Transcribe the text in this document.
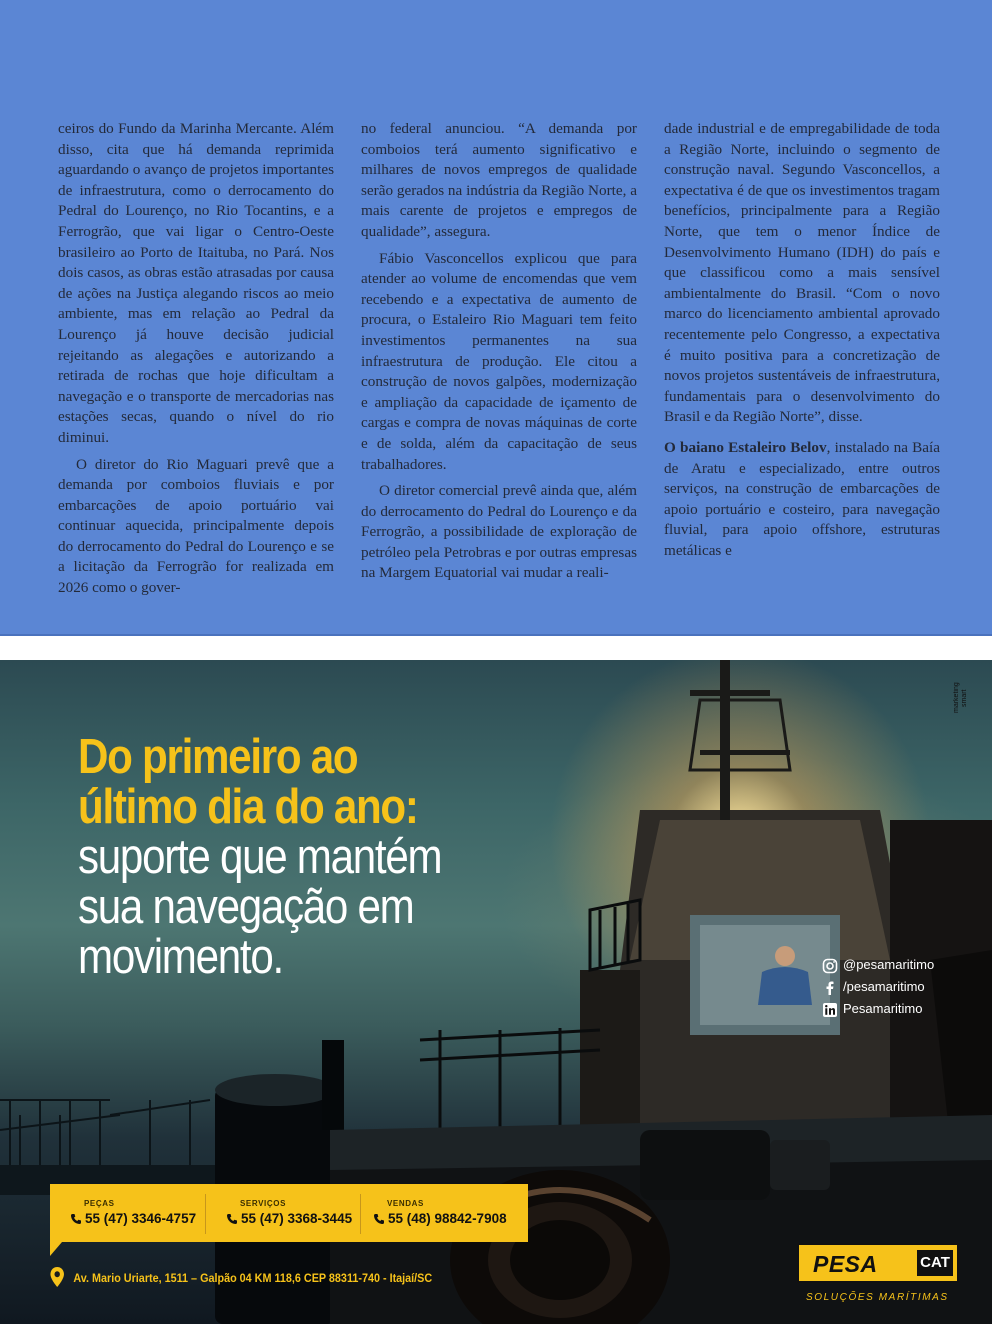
ceiros do Fundo da Marinha Mercante. Além disso, cita que há demanda reprimida aguardando o avanço de projetos importantes de infraestrutura, como o derrocamento do Pedral do Lourenço, no Rio Tocantins, e a Ferrogrão, que vai ligar o Centro-Oeste brasileiro ao Porto de Itaituba, no Pará. Nos dois casos, as obras estão atrasadas por causa de ações na Justiça alegando riscos ao meio ambiente, mas em relação ao Pedral da Lourenço já houve decisão judicial rejeitando as alegações e autorizando a retirada de rochas que hoje dificultam a navegação e o transporte de mercadorias nas estações secas, quando o nível do rio diminui.

O diretor do Rio Maguari prevê que a demanda por comboios fluviais e por embarcações de apoio portuário vai continuar aquecida, principalmente depois do derrocamento do Pedral do Lourenço e se a licitação da Ferrogrão for realizada em 2026 como o gover-

no federal anunciou. “A demanda por comboios terá aumento significativo e milhares de novos empregos de qualidade serão gerados na indústria da Região Norte, a mais carente de projetos e empregos de qualidade”, assegura.

Fábio Vasconcellos explicou que para atender ao volume de encomendas que vem recebendo e a expectativa de aumento de procura, o Estaleiro Rio Maguari tem feito investimentos permanentes na sua infraestrutura de produção. Ele citou a construção de novos galpões, modernização e ampliação da capacidade de içamento de cargas e compra de novas máquinas de corte e de solda, além da capacitação de seus trabalhadores.

O diretor comercial prevê ainda que, além do derrocamento do Pedral do Lourenço e da Ferrogrão, a possibilidade de exploração de petróleo pela Petrobras e por outras empresas na Margem Equatorial vai mudar a reali-

dade industrial e de empregabilidade de toda a Região Norte, incluindo o segmento de construção naval. Segundo Vasconcellos, a expectativa é de que os investimentos tragam benefícios, principalmente para a Região Norte, que tem o menor Índice de Desenvolvimento Humano (IDH) do país e que classificou como a mais sensível ambientalmente do Brasil. “Com o novo marco do licenciamento ambiental aprovado recentemente pelo Congresso, a expectativa é muito positiva para a concretização de novos projetos sustentáveis de infraestrutura, fundamentais para o desenvolvimento do Brasil e da Região Norte”, disse.

O baiano Estaleiro Belov, instalado na Baía de Aratu e especializado, entre outros serviços, na construção de embarcações de apoio portuário e costeiro, para navegação fluvial, para apoio offshore, estruturas metálicas e

marketing smart
Do primeiro ao
último dia do ano:
suporte que mantém
sua navegação em
movimento.	@pesamaritimo
/pesamaritimo
Pesamaritimo
PEÇAS
55 (47) 3346-4757
SERVIÇOS
55 (47) 3368-3445
VENDAS
55 (48) 98842-7908
Av. Mario Uriarte, 1511 – Galpão 04 KM 118,6 CEP 88311-740 - Itajaí/SC
PESA	CAT
SOLUÇÕES MARÍTIMAS
